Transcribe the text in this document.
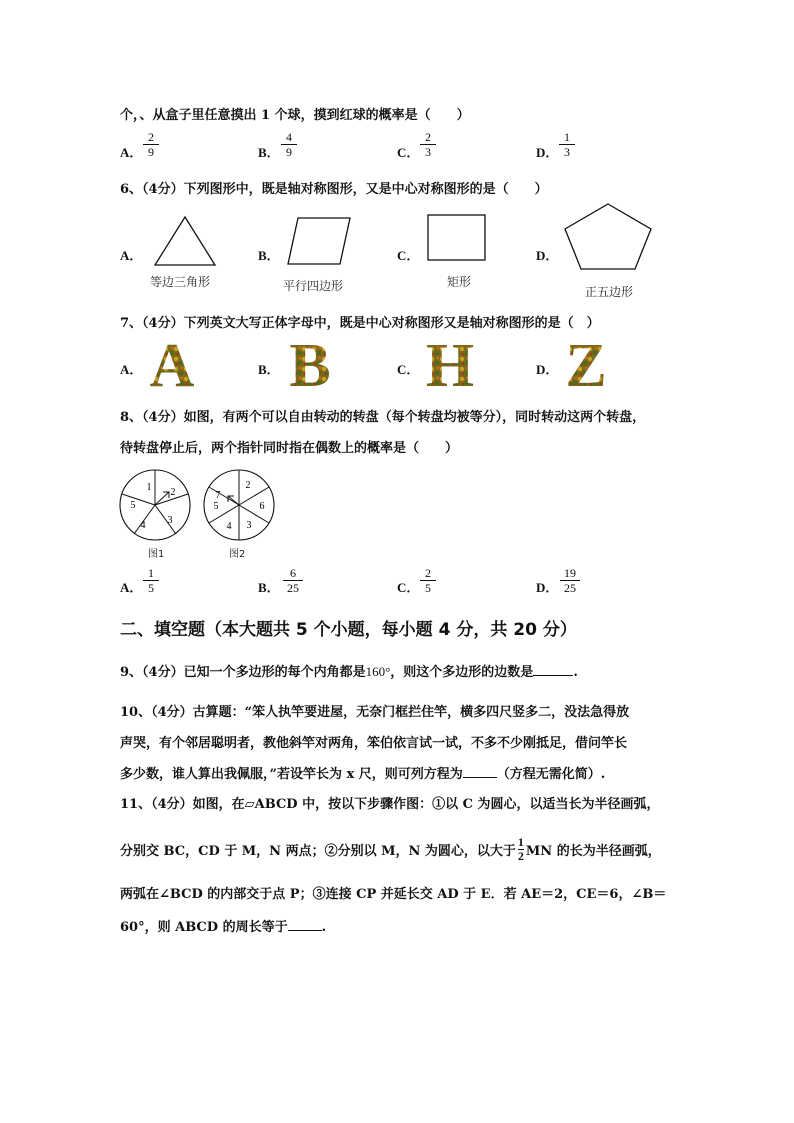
个，、从盒子里任意摸出 1 个球，摸到红球的概率是（　　）
A． $\frac{2}{9}$	B． $\frac{4}{9}$	C． $\frac{2}{3}$	D． $\frac{1}{3}$
6、（4分）下列图形中，既是轴对称图形，又是中心对称图形的是（　　）
A．
等边三角形
B．
平行四边形
C．
矩形
D．
正五边形
7、（4分）下列英文大写正体字母中，既是中心对称图形又是轴对称图形的是（　）
A． A	B． B	C． H	D． Z
8、（4分）如图，有两个可以自由转动的转盘（每个转盘均被等分），同时转动这两个转盘，
待转盘停止后，两个指针同时指在偶数上的概率是（　　）
1 2
3
4
5
图1
2
6
3
4
5
7
图2
A． $\frac{1}{5}$	B． $\frac{6}{25}$	C． $\frac{2}{5}$	D． $\frac{19}{25}$
二、填空题（本大题共 5 个小题，每小题 4 分，共 20 分）
9、（4分）已知一个多边形的每个内角都是160°，则这个多边形的边数是	.
10、（4分）古算题：“笨人执竿要进屋，无奈门框拦住竿，横多四尺竖多二，没法急得放
声哭，有个邻居聪明者，教他斜竿对两角，笨伯依言试一试，不多不少刚抵足，借问竿长
多少数，谁人算出我佩服，”若设竿长为 x 尺，则可列方程为	（方程无需化简）.
11、（4分）如图，在▱ABCD 中，按以下步骤作图：①以 C 为圆心，以适当长为半径画弧，
分别交 BC，CD 于 M，N 两点；②分别以 M，N 为圆心，以大于 $\frac{1}{2}$ MN 的长为半径画弧，
两弧在∠BCD 的内部交于点 P；③连接 CP 并延长交 AD 于 E．若 AE＝2，CE＝6，∠B＝
60°，则 ABCD 的周长等于	.
